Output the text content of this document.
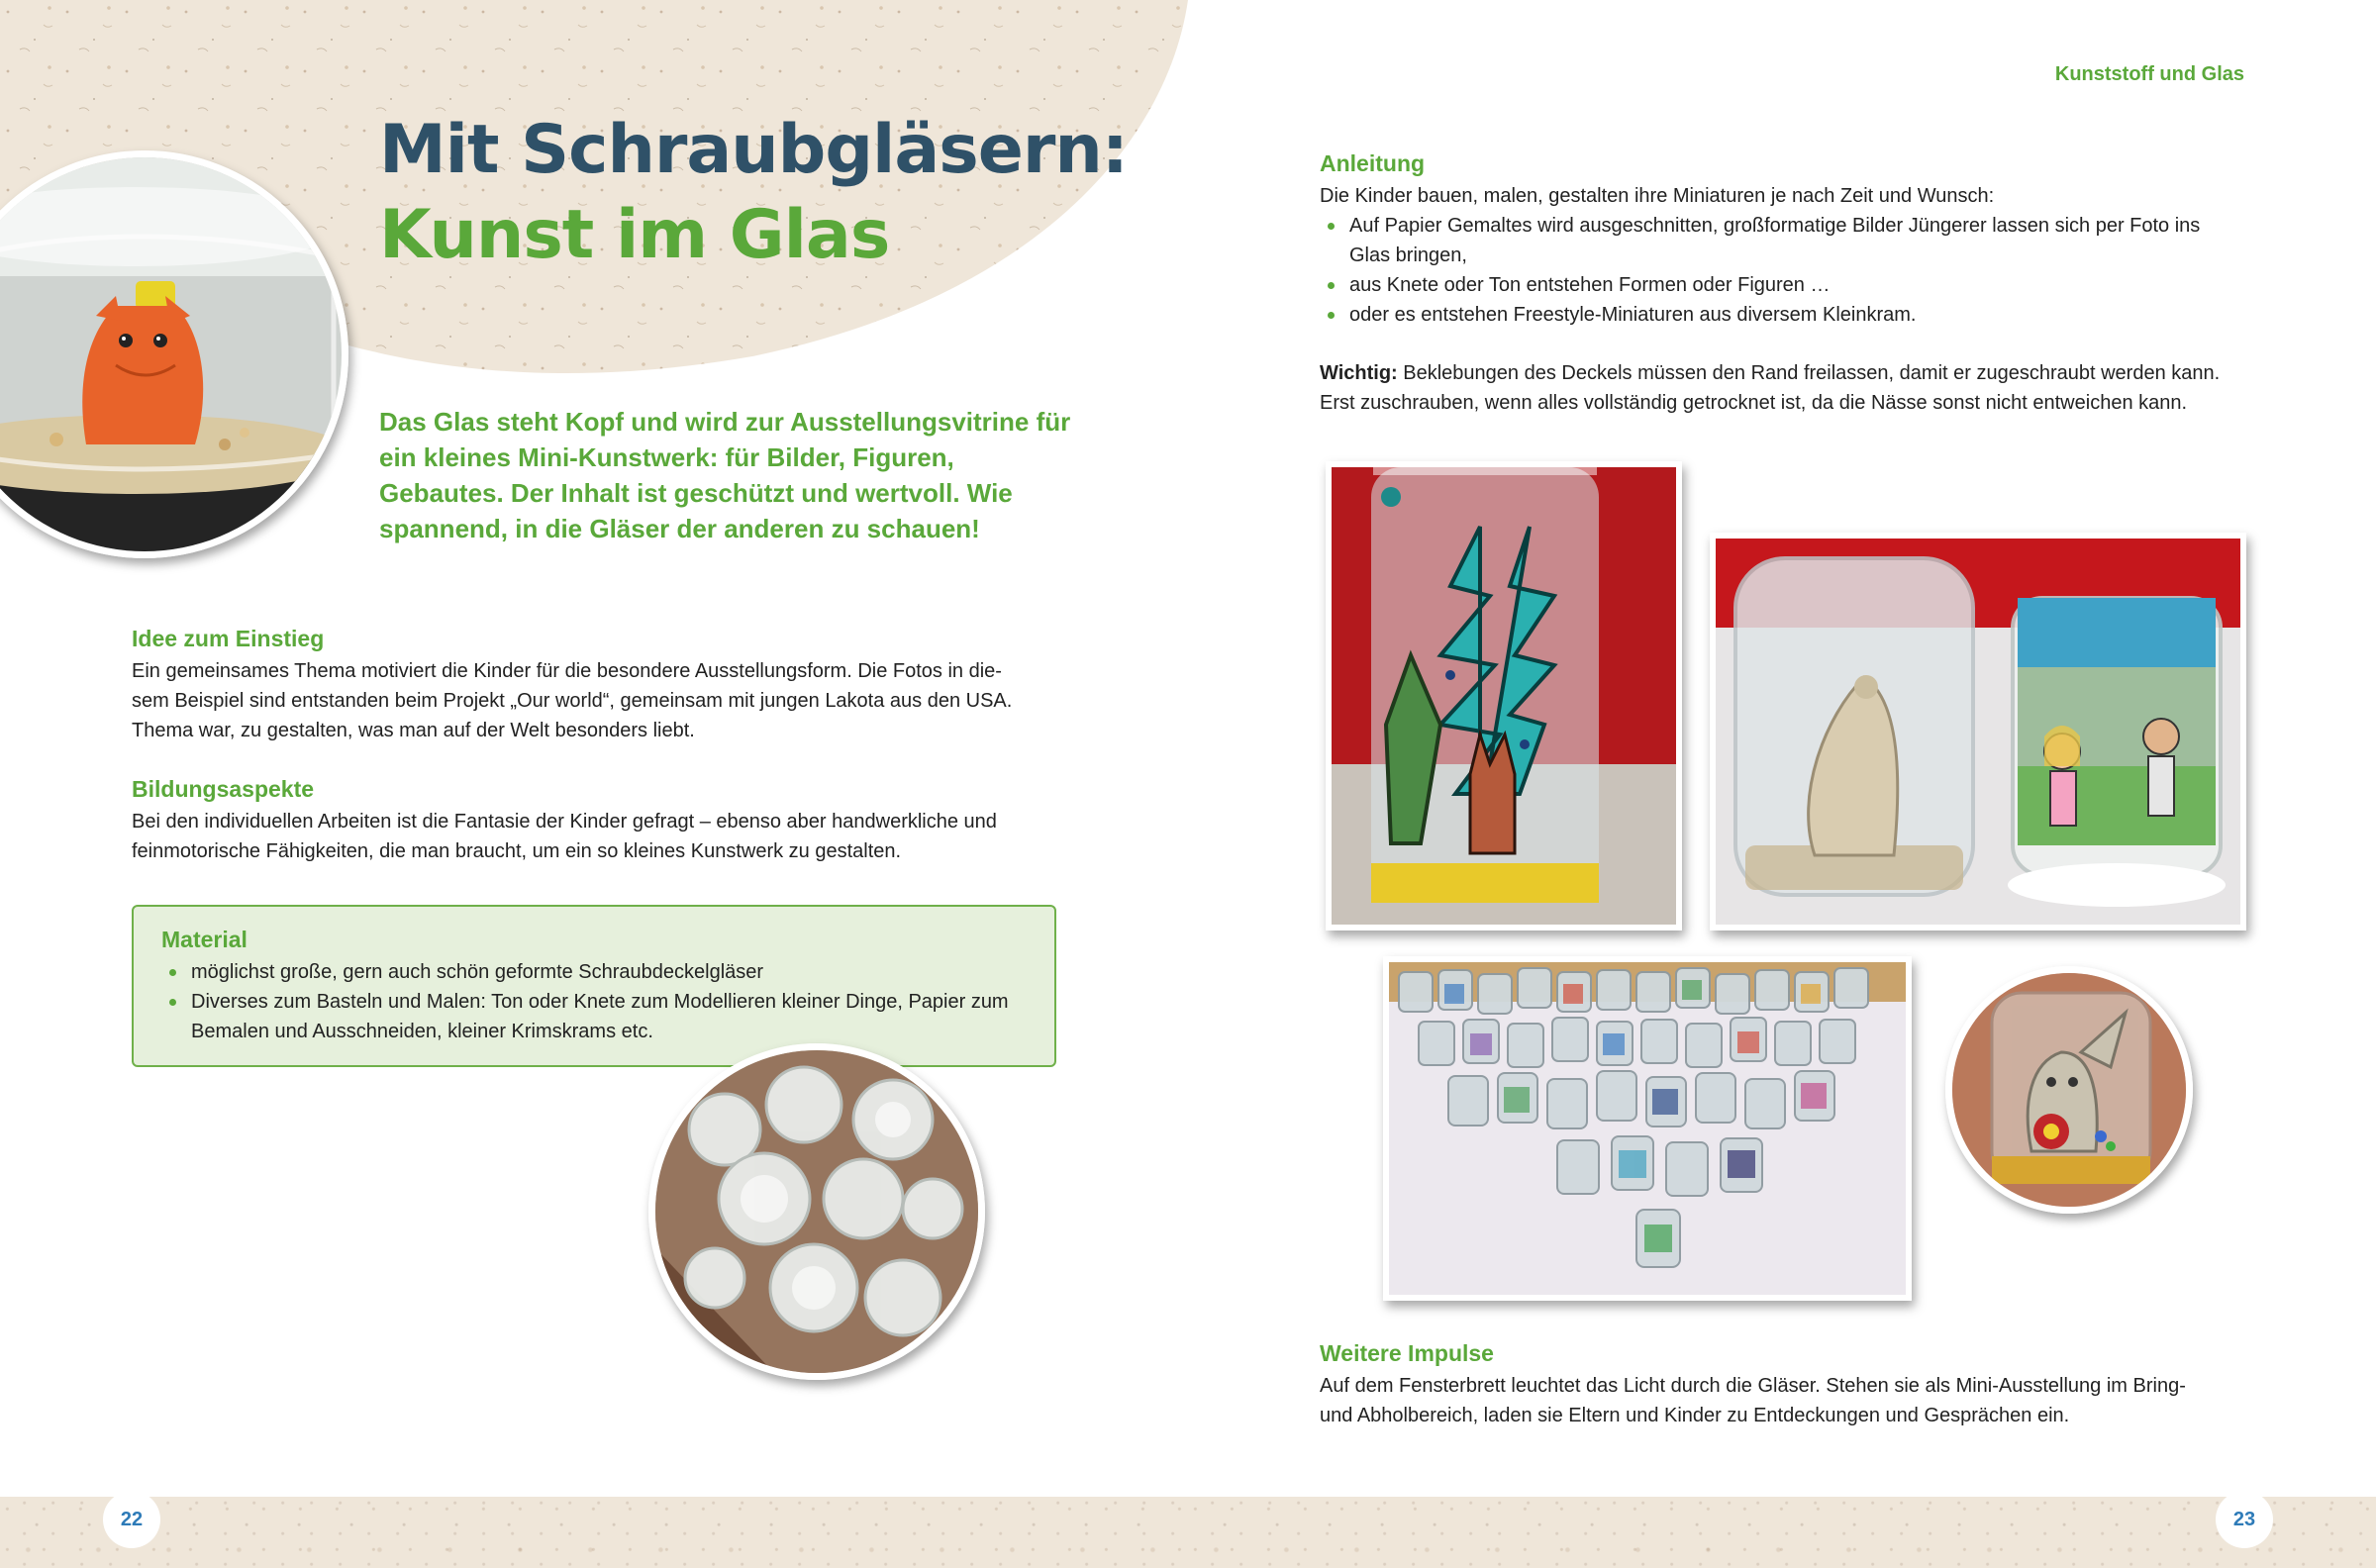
Mit Schraubgläsern:
Kunst im Glas
Das Glas steht Kopf und wird zur Ausstellungsvitrine für ein kleines Mini-Kunstwerk: für Bilder, Figuren, Gebautes. Der Inhalt ist geschützt und wertvoll. Wie spannend, in die Gläser der anderen zu schauen!
Idee zum Einstieg
Ein gemeinsames Thema motiviert die Kinder für die besondere Ausstellungsform. Die Fotos in die-
sem Beispiel sind entstanden beim Projekt „Our world“, gemeinsam mit jungen Lakota aus den USA.
Thema war, zu gestalten, was man auf der Welt besonders liebt.
Bildungsaspekte
Bei den individuellen Arbeiten ist die Fantasie der Kinder gefragt – ebenso aber handwerkliche und
feinmotorische Fähigkeiten, die man braucht, um ein so kleines Kunstwerk zu gestalten.
Material
möglichst große, gern auch schön geformte Schraubdeckelgläser
Diverses zum Basteln und Malen: Ton oder Knete zum Modellieren kleiner Dinge, Papier zum Bemalen und Ausschneiden, kleiner Krimskrams etc.
22
Kunststoff und Glas
Anleitung
Die Kinder bauen, malen, gestalten ihre Miniaturen je nach Zeit und Wunsch:
Auf Papier Gemaltes wird ausgeschnitten, großformatige Bilder Jüngerer lassen sich per Foto ins Glas bringen,
aus Knete oder Ton entstehen Formen oder Figuren …
oder es entstehen Freestyle-Miniaturen aus diversem Kleinkram.
Wichtig: Beklebungen des Deckels müssen den Rand freilassen, damit er zugeschraubt werden kann.
Erst zuschrauben, wenn alles vollständig getrocknet ist, da die Nässe sonst nicht entweichen kann.
Weitere Impulse
Auf dem Fensterbrett leuchtet das Licht durch die Gläser. Stehen sie als Mini-Ausstellung im Bring-
und Abholbereich, laden sie Eltern und Kinder zu Entdeckungen und Gesprächen ein.
23
